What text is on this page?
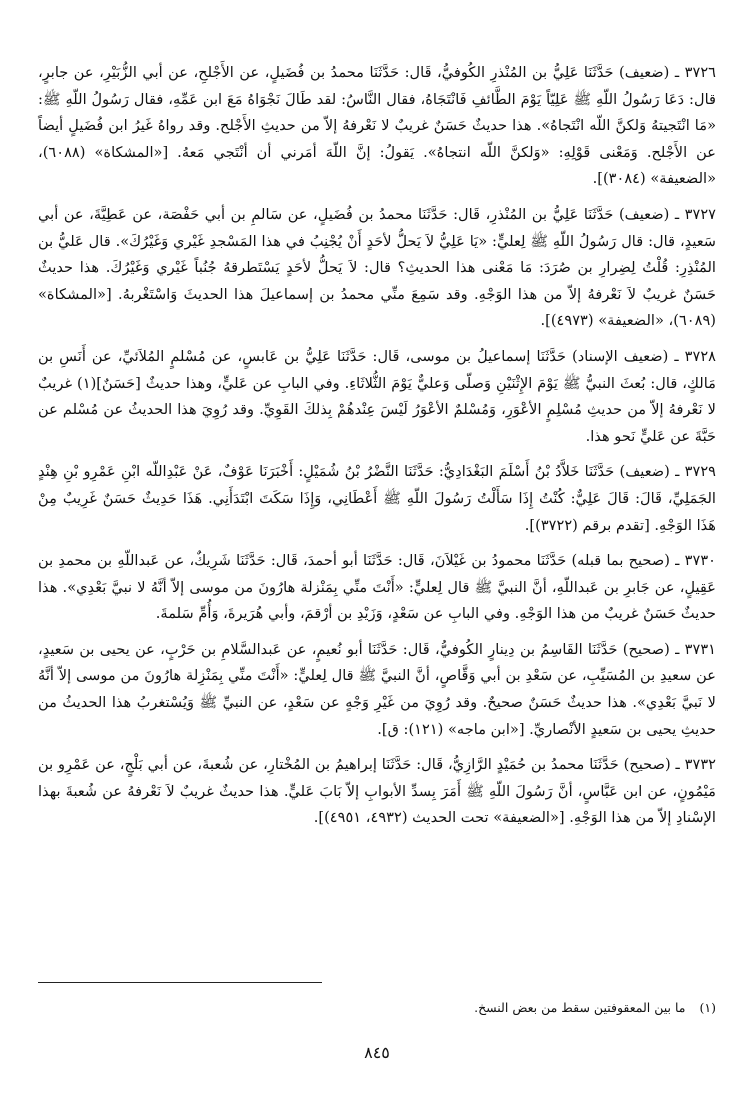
٣٧٢٦ ـ (ضعيف) حَدَّثَنَا عَلِيُّ بن المُنْذرِ الكُوفيُّ، قَال: حَدَّثَنَا محمدُ بن فُضَيلٍ، عن الأَجْلحِ، عن أبي الزُّبَيْرِ، عن جابرٍ، قال: دَعَا رَسُولُ اللّهِ ﷺ عَلِيّاً يَوْمَ الطَّائفِ فَانْتَجَاهُ، فقال النَّاسُ: لقد طَالَ نَجْوَاهُ مَعَ ابن عَمِّهِ، فقال رَسُولُ اللّهِ ﷺ: «مَا انْتَجيتهُ وَلكنَّ اللّه انْتَجاهُ». هذا حديثٌ حَسَنٌ غريبٌ لا نَعْرفهُ إلاّ من حديثِ الأَجْلح. وقد رواهُ غَيرُ ابن فُضَيلٍ أيضاً عن الأَجْلح. وَمَعْنى قَوْلِهِ: «وَلكنَّ اللّه انتجاهُ». يَقولُ: إنَّ اللّهَ أمَرني أن أنْتَجي مَعهُ. [«المشكاة» (٦٠٨٨)، «الضعيفة» (٣٠٨٤)].

٣٧٢٧ ـ (ضعيف) حَدَّثَنَا عَلِيُّ بن المُنْذرِ، قَال: حَدَّثَنَا محمدُ بن فُضَيلٍ، عن سَالمِ بن أبي حَفْصَة، عن عَطِيَّةَ، عن أبي سَعيدٍ، قال: قال رَسُولُ اللّهِ ﷺ لِعليٍّ: «يَا عَلِيُّ لاَ يَحلُّ لأحَدٍ أَنْ يُجْنِبُ في هذا المَسْجدِ غَيْري وَغَيْرُكَ». قال عَليُّ بن المُنْذِرِ: قُلْتُ لِضِرارِ بن صُرَدَ: مَا مَعْنى هذا الحديثِ؟ قال: لاَ يَحلُّ لأحَدٍ يَسْتَطرقهُ جُنُباً غَيْري وَغَيْرُكَ. هذا حديثٌ حَسَنٌ غريبٌ لاَ نَعْرفهُ إلاّ من هذا الوَجْهِ. وقد سَمِعَ منِّي محمدُ بن إسماعيلَ هذا الحديثَ وَاسْتَغْربهُ. [«المشكاة» (٦٠٨٩)، «الضعيفة» (٤٩٧٣)].

٣٧٢٨ ـ (ضعيف الإسناد) حَدَّثَنَا إسماعيلُ بن موسى، قَال: حَدَّثَنَا عَلِيُّ بن عَابسٍ، عن مُسْلمٍ المُلاَئيِّ، عن أَنَسِ بن مَالكٍ، قال: بُعثَ النبيُّ ﷺ يَوْمَ الإِثْنَيْنِ وَصلّى وَعليٌّ يَوْمَ الثُّلاثَاءِ. وفي البابِ عن عَليٍّ، وهذا حديثٌ [حَسَنٌ](١) غريبٌ لا نَعْرفهُ إلاّ من حديثِ مُسْلِمٍ الأعْوَرِ، وَمُسْلمٌ الأعْوَرُ لَيْسَ عِنْدهُمْ بِذلكَ القَوِيِّ. وقد رُوِيَ هذا الحديثُ عن مُسْلم عن حَبَّةَ عن عَليٍّ نَحو هذا.

٣٧٢٩ ـ (ضعيف) حَدَّثَنَا خَلاَّدُ بْنُ أَسْلَمَ البَغْدَادِيُّ: حَدَّثَنَا النَّضْرُ بْنُ شُمَيْلٍ: أَخْبَرَنَا عَوْفٌ، عَنْ عَبْدِاللّه ابْنِ عَمْرِو بْنِ هِنْدٍ الجَمَلِيِّ، قَالَ: قَالَ عَلِيٌّ: كُنْتُ إِذَا سَأَلْتُ رَسُولَ اللّهِ ﷺ أَعْطَانِي، وَإِذَا سَكَتَ ابْتَدَأَنِي. هَذَا حَدِيثٌ حَسَنٌ غَرِيبٌ مِنْ هَذَا الوَجْهِ. [تقدم برقم (٣٧٢٢)].

٣٧٣٠ ـ (صحيح بما قبله) حَدَّثَنَا محمودُ بن غَيْلاَنَ، قَال: حَدَّثَنَا أبو أحمدَ، قَال: حَدَّثَنَا شَرِيكٌ، عن عَبداللّهِ بن محمدِ بن عَقِيلٍ، عن جَابرِ بن عَبداللّهِ، أنَّ النبيَّ ﷺ قال لِعليٍّ: «أَنْتَ منِّي بِمَنْزلة هارُونَ من موسى إلاّ أنَّهُ لا نبيَّ بَعْدِي». هذا حديثٌ حَسَنٌ غريبٌ من هذا الوَجْهِ. وفي البابِ عن سَعْدٍ، وَزَيْدِ بن أرْقمَ، وأبي هُرَيرةَ، وَأُمِّ سَلمةَ.

٣٧٣١ ـ (صحيح) حَدَّثَنَا القَاسِمُ بن دِينارٍ الكُوفيُّ، قَال: حَدَّثَنَا أبو نُعيمٍ، عن عَبدالسَّلامِ بن حَرْبٍ، عن يحيى بن سَعيدٍ، عن سعيدِ بن المُسَيِّبِ، عن سَعْدِ بن أبي وَقَّاصٍ، أنَّ النبيَّ ﷺ قال لِعليٍّ: «أَنْتَ منِّي بِمَنْزِلة هارُونَ من موسى إلاّ أنَّهُ لا نَبيَّ بَعْدِي». هذا حديثٌ حَسَنٌ صحيحٌ. وقد رُوِيَ من غَيْرِ وَجْهٍ عن سَعْدٍ، عن النبيِّ ﷺ وَيُسْتغربُ هذا الحديثُ من حديثِ يحيى بن سَعيدٍ الأنْصاريِّ. [«ابن ماجه» (١٢١): ق].

٣٧٣٢ ـ (صحيح) حَدَّثَنَا محمدُ بن حُمَيْدٍ الرَّازِيُّ، قَال: حَدَّثَنَا إبراهيمُ بن المُخْتارِ، عن شُعبةَ، عن أبي بَلْجٍ، عن عَمْرِو بن مَيْمُونٍ، عن ابن عَبَّاسٍ، أنَّ رَسُولَ اللّهِ ﷺ أَمَرَ بِسدِّ الأبوابِ إلاّ بَابَ عَليٍّ. هذا حديثٌ غريبٌ لاَ نَعْرفهُ عن شُعبةَ بهذا الإسْنادِ إلاّ من هذا الوَجْهِ. [«الضعيفة» تحت الحديث (٤٩٣٢، ٤٩٥١)].

(١) ما بين المعقوفتين سقط من بعض النسخ.
٨٤٥
